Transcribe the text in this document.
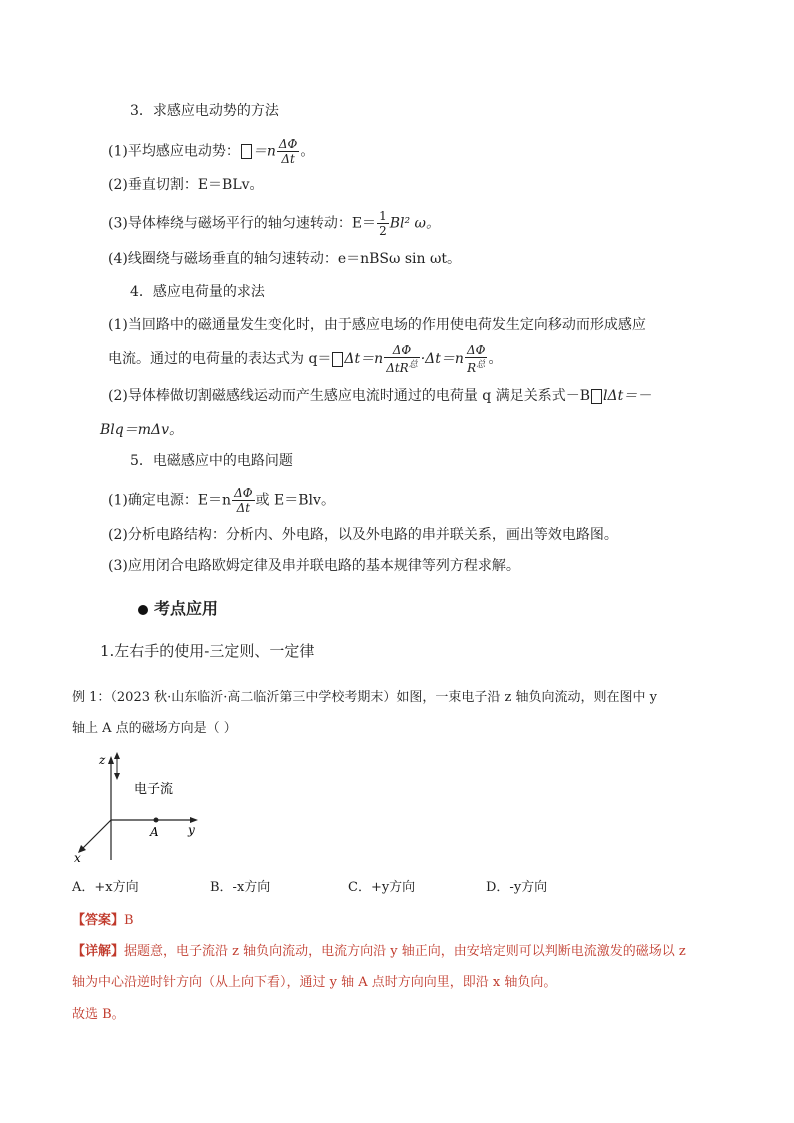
3．求感应电动势的方法
(1)平均感应电动势： $=n \frac{\Delta\Phi}{\Delta t}$ 。
(2)垂直切割：E＝BLv。
(3)导体棒绕与磁场平行的轴匀速转动：$E= \frac{1}{2} Bl^2$ ω。
(4)线圈绕与磁场垂直的轴匀速转动：e＝nBSω sin ωt。
4．感应电荷量的求法
(1)当回路中的磁通量发生变化时，由于感应电场的作用使电荷发生定向移动而形成感应
电流。通过的电荷量的表达式为 $q= \Delta t=n \frac{\Delta\Phi}{\Delta tR^总} \cdot\Delta t=n \frac{\Delta\Phi}{R^总}$ 。
(2)导体棒做切割磁感线运动而产生感应电流时通过的电荷量 q 满足关系式－B lΔt＝－
Blq＝mΔv。
5．电磁感应中的电路问题
(1)确定电源：$E=n \frac{\Delta\Phi}{\Delta t}$ 或 E＝Blv。
(2)分析电路结构：分析内、外电路，以及外电路的串并联关系，画出等效电路图。
(3)应用闭合电路欧姆定律及串并联电路的基本规律等列方程求解。
考点应用
1.左右手的使用-三定则、一定律
例 1：（2023 秋·山东临沂·高二临沂第三中学校考期末）如图，一束电子沿 z 轴负向流动，则在图中 y
轴上 A 点的磁场方向是（ ）
z
y
x
A
电子流
A．+x方向	B．-x方向	C．+y方向	D．-y方向
【答案】B
【详解】据题意，电子流沿 z 轴负向流动，电流方向沿 y 轴正向，由安培定则可以判断电流激发的磁场以 z
轴为中心沿逆时针方向（从上向下看），通过 y 轴 A 点时方向向里，即沿 x 轴负向。
故选 B。
